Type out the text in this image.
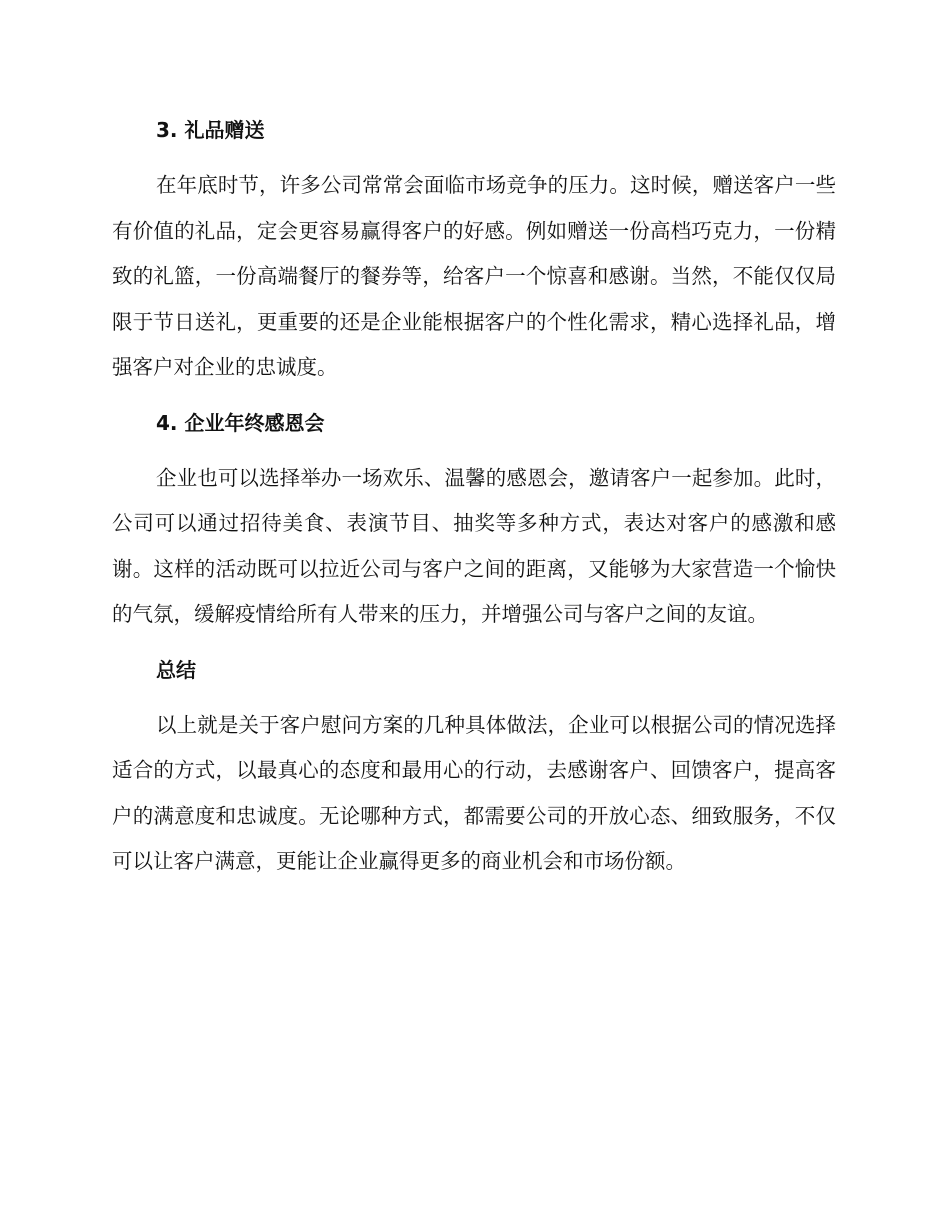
3. 礼品赠送

在年底时节，许多公司常常会面临市场竞争的压力。这时候，赠送客户一些有价值的礼品，定会更容易赢得客户的好感。例如赠送一份高档巧克力，一份精致的礼篮，一份高端餐厅的餐券等，给客户一个惊喜和感谢。当然，不能仅仅局限于节日送礼，更重要的还是企业能根据客户的个性化需求，精心选择礼品，增强客户对企业的忠诚度。

4. 企业年终感恩会

企业也可以选择举办一场欢乐、温馨的感恩会，邀请客户一起参加。此时，公司可以通过招待美食、表演节目、抽奖等多种方式，表达对客户的感激和感谢。这样的活动既可以拉近公司与客户之间的距离，又能够为大家营造一个愉快的气氛，缓解疫情给所有人带来的压力，并增强公司与客户之间的友谊。

总结

以上就是关于客户慰问方案的几种具体做法，企业可以根据公司的情况选择适合的方式，以最真心的态度和最用心的行动，去感谢客户、回馈客户，提高客户的满意度和忠诚度。无论哪种方式，都需要公司的开放心态、细致服务，不仅可以让客户满意，更能让企业赢得更多的商业机会和市场份额。
